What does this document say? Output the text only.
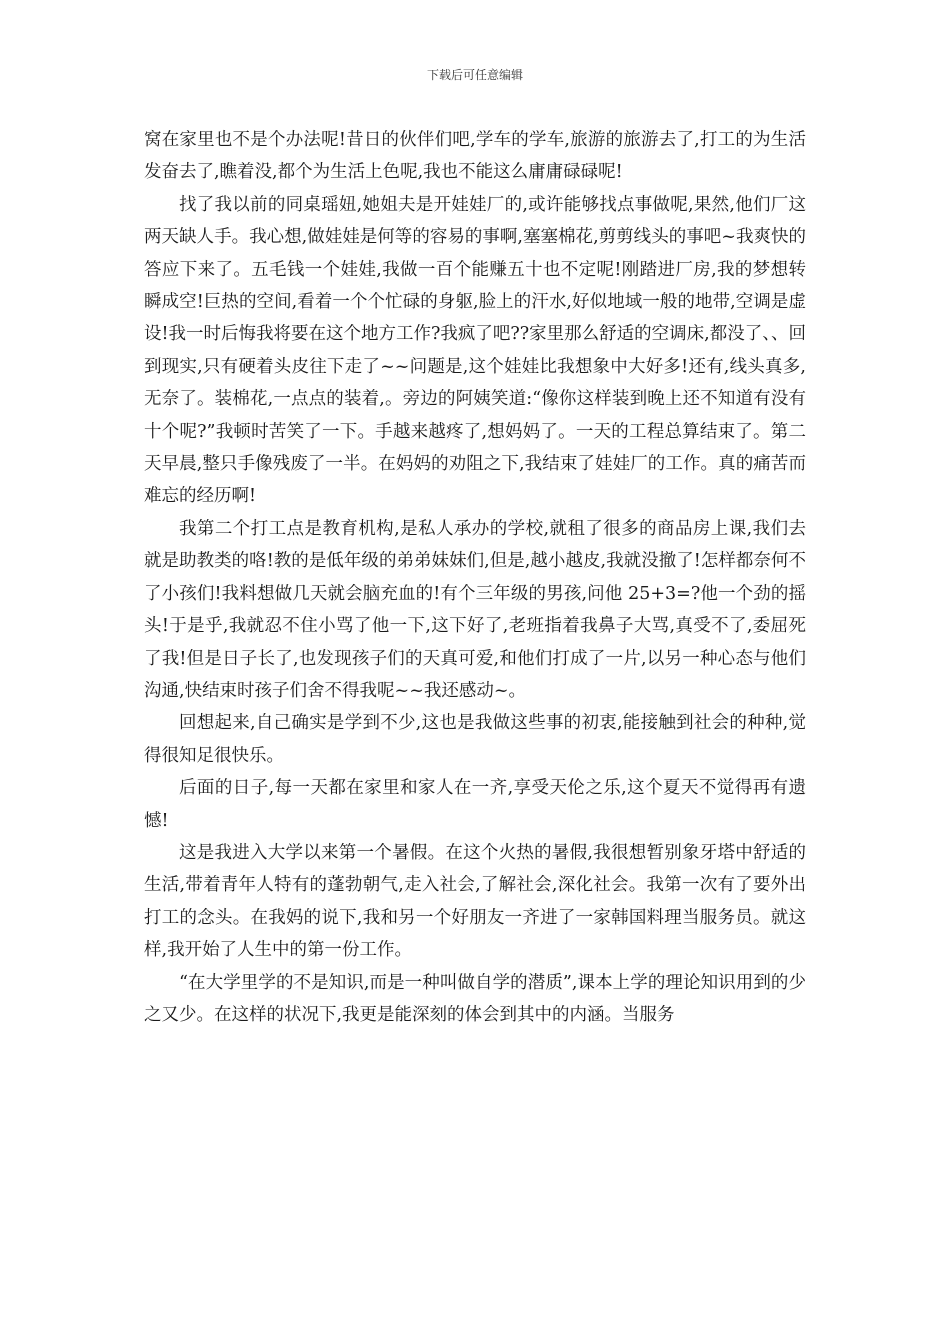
下载后可任意编辑

窝在家里也不是个办法呢!昔日的伙伴们吧,学车的学车,旅游的旅游去了,打工的为生活发奋去了,瞧着没,都个为生活上色呢,我也不能这么庸庸碌碌呢!

找了我以前的同桌瑶妞,她姐夫是开娃娃厂的,或许能够找点事做呢,果然,他们厂这两天缺人手。我心想,做娃娃是何等的容易的事啊,塞塞棉花,剪剪线头的事吧~我爽快的答应下来了。五毛钱一个娃娃,我做一百个能赚五十也不定呢!刚踏进厂房,我的梦想转瞬成空!巨热的空间,看着一个个忙碌的身躯,脸上的汗水,好似地域一般的地带,空调是虚设!我一时后悔我将要在这个地方工作?我疯了吧??家里那么舒适的空调床,都没了、、回到现实,只有硬着头皮往下走了~~问题是,这个娃娃比我想象中大好多!还有,线头真多,无奈了。装棉花,一点点的装着,。旁边的阿姨笑道:“像你这样装到晚上还不知道有没有十个呢?”我顿时苦笑了一下。手越来越疼了,想妈妈了。一天的工程总算结束了。第二天早晨,整只手像残废了一半。在妈妈的劝阻之下,我结束了娃娃厂的工作。真的痛苦而难忘的经历啊!

我第二个打工点是教育机构,是私人承办的学校,就租了很多的商品房上课,我们去就是助教类的咯!教的是低年级的弟弟妹妹们,但是,越小越皮,我就没撤了!怎样都奈何不了小孩们!我料想做几天就会脑充血的!有个三年级的男孩,问他 25+3=?他一个劲的摇头!于是乎,我就忍不住小骂了他一下,这下好了,老班指着我鼻子大骂,真受不了,委屈死了我!但是日子长了,也发现孩子们的天真可爱,和他们打成了一片,以另一种心态与他们沟通,快结束时孩子们舍不得我呢~~我还感动~。

回想起来,自己确实是学到不少,这也是我做这些事的初衷,能接触到社会的种种,觉得很知足很快乐。

后面的日子,每一天都在家里和家人在一齐,享受天伦之乐,这个夏天不觉得再有遗憾!

这是我进入大学以来第一个暑假。在这个火热的暑假,我很想暂别象牙塔中舒适的生活,带着青年人特有的蓬勃朝气,走入社会,了解社会,深化社会。我第一次有了要外出打工的念头。在我妈的说下,我和另一个好朋友一齐进了一家韩国料理当服务员。就这样,我开始了人生中的第一份工作。

“在大学里学的不是知识,而是一种叫做自学的潜质”,课本上学的理论知识用到的少之又少。在这样的状况下,我更是能深刻的体会到其中的内涵。当服务
